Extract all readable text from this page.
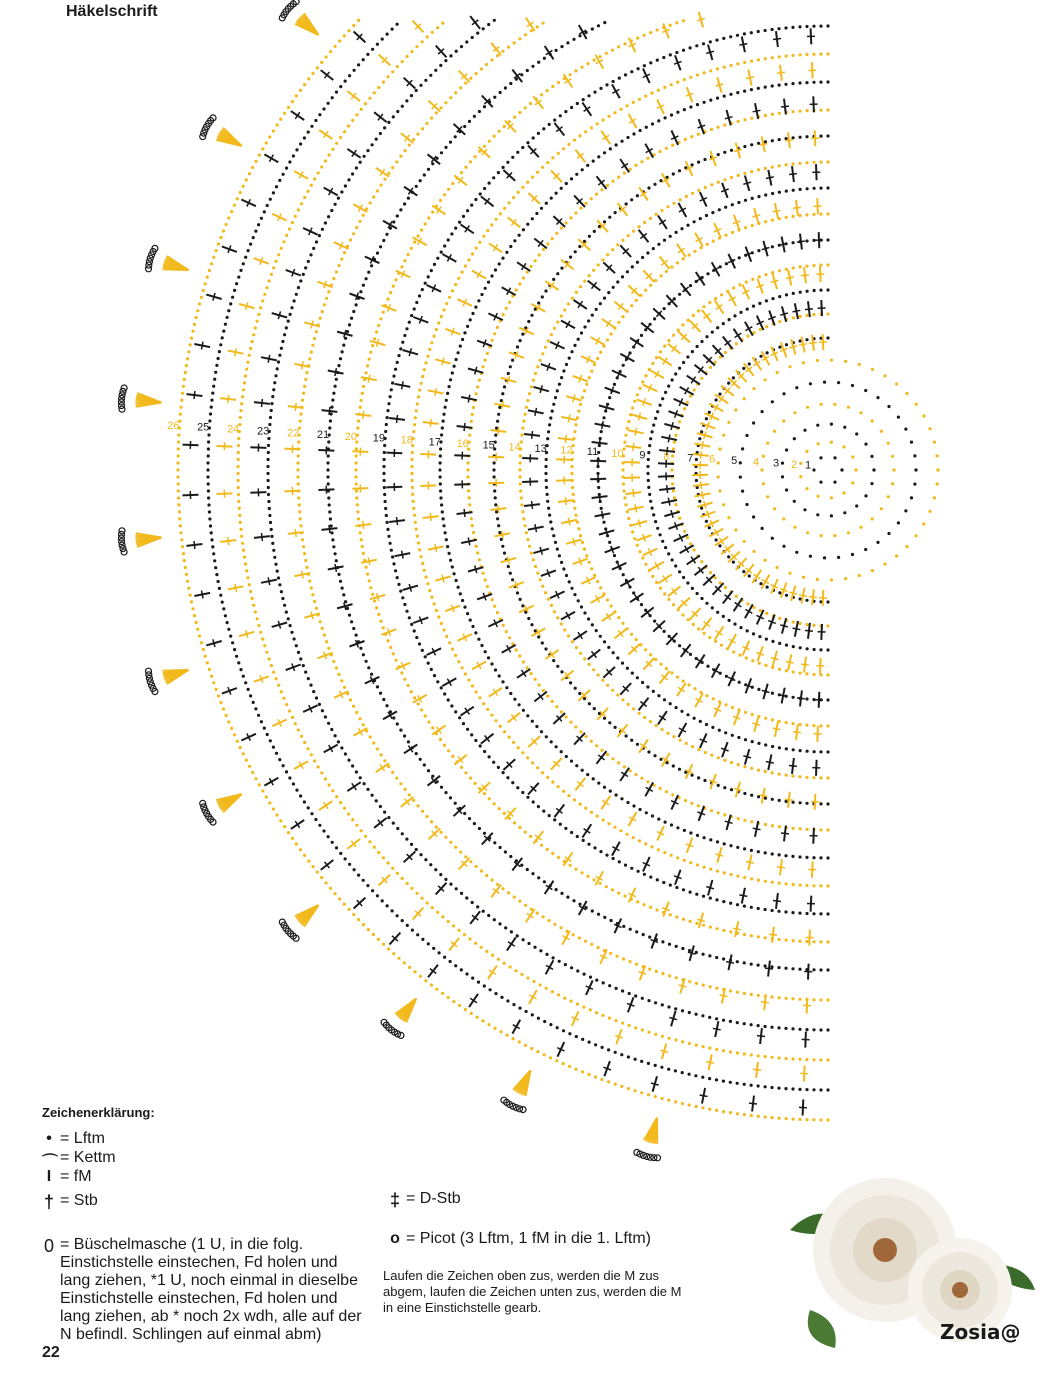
Häkelschrift
1
2
3
4
5
6
7
8
9
10
11
12
13
14
15
16
17
18
19
20
21
22
23
24
25
26
Zeichenerklärung:
• = Lftm
⌒ = Kettm
I = fM
† = Stb
0 = Büschelmasche (1 U, in die folg. Einstichstelle einstechen, Fd holen und lang ziehen, *1 U, noch einmal in dieselbe Einstichstelle einstechen, Fd holen und lang ziehen, ab * noch 2x wdh, alle auf der N befindl. Schlingen auf einmal abm)
‡ = D-Stb
o = Picot (3 Lftm, 1 fM in die 1. Lftm)
Laufen die Zeichen oben zus, werden die M zus abgem, laufen die Zeichen unten zus, werden die M in eine Einstichstelle gearb.
22
Zosia@
